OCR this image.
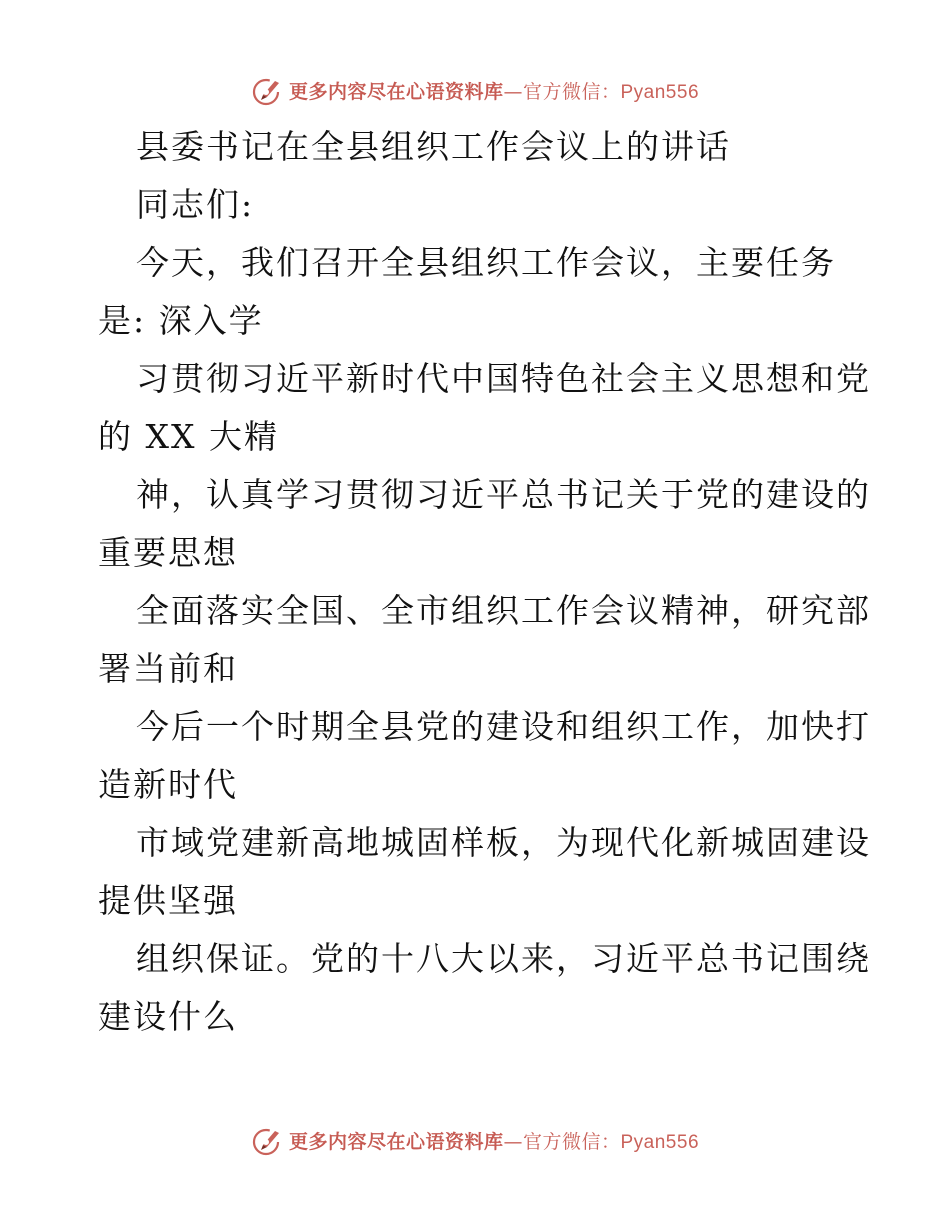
更多内容尽在心语资料库—官方微信：Pyan556
县委书记在全县组织工作会议上的讲话
同志们:
今天，我们召开全县组织工作会议，主要任务
是: 深入学
习贯彻习近平新时代中国特色社会主义思想和党
的 XX 大精
神，认真学习贯彻习近平总书记关于党的建设的
重要思想
全面落实全国、全市组织工作会议精神，研究部
署当前和
今后一个时期全县党的建设和组织工作，加快打
造新时代
市域党建新高地城固样板，为现代化新城固建设
提供坚强
组织保证。党的十八大以来，习近平总书记围绕
建设什么
更多内容尽在心语资料库—官方微信：Pyan556
